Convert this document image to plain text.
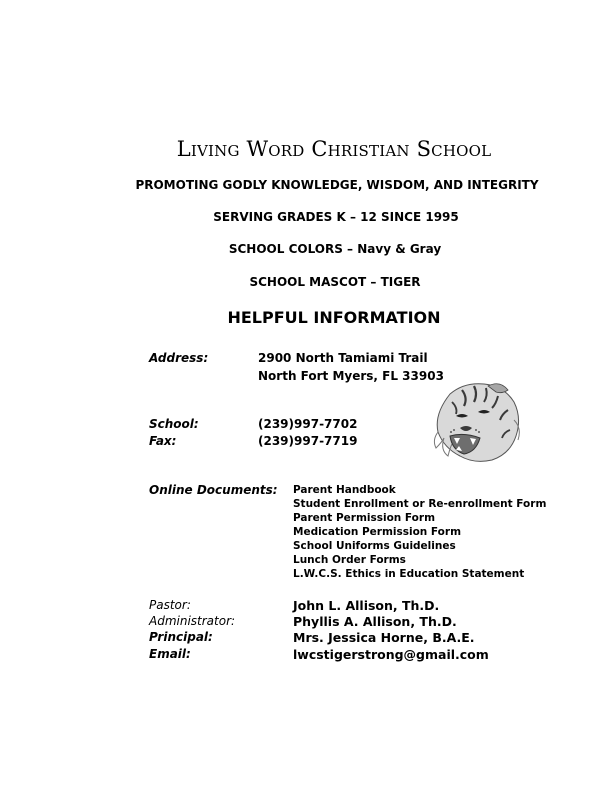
Living Word Christian School
PROMOTING GODLY KNOWLEDGE, WISDOM, AND INTEGRITY
SERVING GRADES K – 12 SINCE 1995
SCHOOL COLORS – Navy & Gray
SCHOOL MASCOT – TIGER
HELPFUL INFORMATION
Address:	2900 North Tamiami Trail
North Fort Myers, FL 33903
School:	(239)997-7702
Fax:	(239)997-7719
Online Documents: Parent Handbook
Student Enrollment or Re-enrollment Form
Parent Permission Form
Medication Permission Form
School Uniforms Guidelines
Lunch Order Forms
L.W.C.S. Ethics in Education Statement
Pastor:	John L. Allison, Th.D.
Administrator:	Phyllis A. Allison, Th.D.
Principal:	Mrs. Jessica Horne, B.A.E.
Email:	lwcstigerstrong@gmail.com
